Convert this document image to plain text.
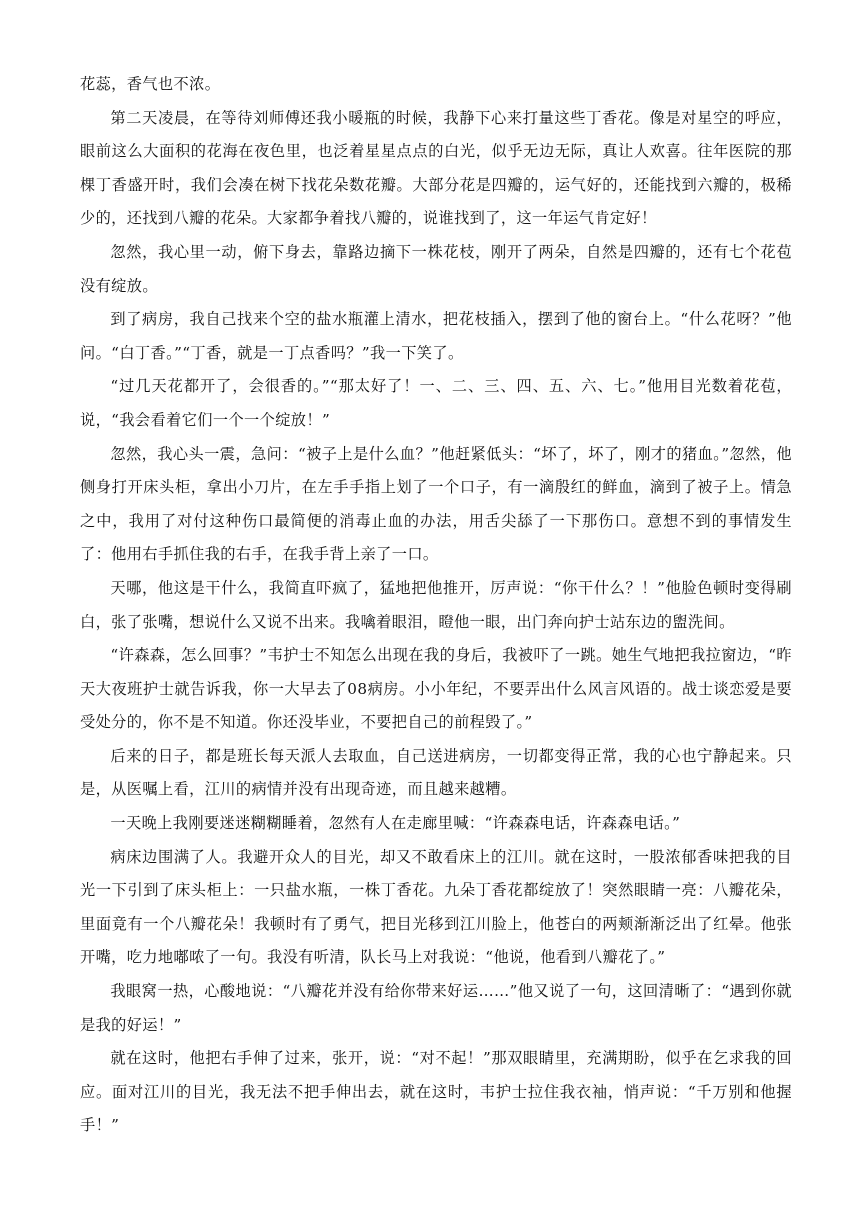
花蕊，香气也不浓。

第二天凌晨，在等待刘师傅还我小暖瓶的时候，我静下心来打量这些丁香花。像是对星空的呼应，眼前这么大面积的花海在夜色里，也泛着星星点点的白光，似乎无边无际，真让人欢喜。往年医院的那棵丁香盛开时，我们会凑在树下找花朵数花瓣。大部分花是四瓣的，运气好的，还能找到六瓣的，极稀少的，还找到八瓣的花朵。大家都争着找八瓣的，说谁找到了，这一年运气肯定好！

忽然，我心里一动，俯下身去，靠路边摘下一株花枝，刚开了两朵，自然是四瓣的，还有七个花苞没有绽放。

到了病房，我自己找来个空的盐水瓶灌上清水，把花枝插入，摆到了他的窗台上。“什么花呀？”他问。“白丁香。”“丁香，就是一丁点香吗？”我一下笑了。

“过几天花都开了，会很香的。”“那太好了！一、二、三、四、五、六、七。”他用目光数着花苞，说，“我会看着它们一个一个绽放！”

忽然，我心头一震，急问：“被子上是什么血？”他赶紧低头：“坏了，坏了，刚才的猪血。”忽然，他侧身打开床头柜，拿出小刀片，在左手手指上划了一个口子，有一滴殷红的鲜血，滴到了被子上。情急之中，我用了对付这种伤口最简便的消毒止血的办法，用舌尖舔了一下那伤口。意想不到的事情发生了：他用右手抓住我的右手，在我手背上亲了一口。

天哪，他这是干什么，我简直吓疯了，猛地把他推开，厉声说：“你干什么？！”他脸色顿时变得刷白，张了张嘴，想说什么又说不出来。我噙着眼泪，瞪他一眼，出门奔向护士站东边的盥洗间。

“许森森，怎么回事？”韦护士不知怎么出现在我的身后，我被吓了一跳。她生气地把我拉窗边，“昨天大夜班护士就告诉我，你一大早去了08病房。小小年纪，不要弄出什么风言风语的。战士谈恋爱是要受处分的，你不是不知道。你还没毕业，不要把自己的前程毁了。”

后来的日子，都是班长每天派人去取血，自己送进病房，一切都变得正常，我的心也宁静起来。只是，从医嘱上看，江川的病情并没有出现奇迹，而且越来越糟。

一天晚上我刚要迷迷糊糊睡着，忽然有人在走廊里喊：“许森森电话，许森森电话。”

病床边围满了人。我避开众人的目光，却又不敢看床上的江川。就在这时，一股浓郁香味把我的目光一下引到了床头柜上：一只盐水瓶，一株丁香花。九朵丁香花都绽放了！突然眼睛一亮：八瓣花朵，里面竟有一个八瓣花朵！我顿时有了勇气，把目光移到江川脸上，他苍白的两颊渐渐泛出了红晕。他张开嘴，吃力地嘟哝了一句。我没有听清，队长马上对我说：“他说，他看到八瓣花了。”

我眼窝一热，心酸地说：“八瓣花并没有给你带来好运……”他又说了一句，这回清晰了：“遇到你就是我的好运！”

就在这时，他把右手伸了过来，张开，说：“对不起！”那双眼睛里，充满期盼，似乎在乞求我的回应。面对江川的目光，我无法不把手伸出去，就在这时，韦护士拉住我衣袖，悄声说：“千万别和他握手！”
